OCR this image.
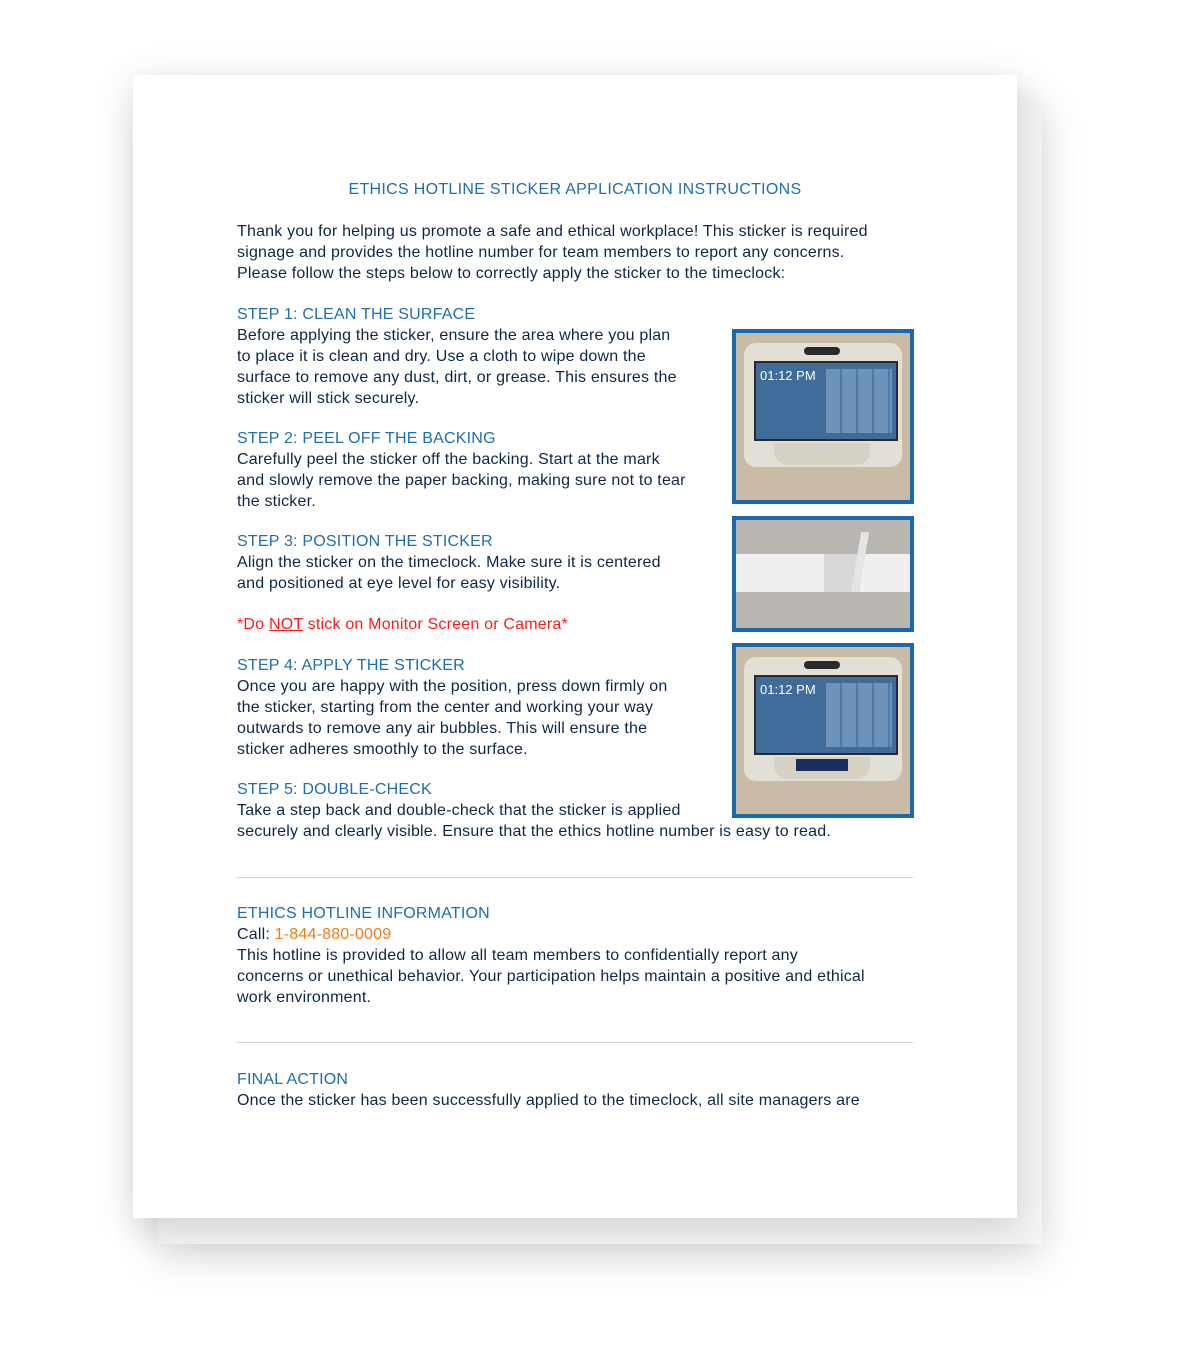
ETHICS HOTLINE STICKER APPLICATION INSTRUCTIONS
Thank you for helping us promote a safe and ethical workplace! This sticker is required
signage and provides the hotline number for team members to report any concerns.
Please follow the steps below to correctly apply the sticker to the timeclock:
STEP 1: CLEAN THE SURFACE
Before applying the sticker, ensure the area where you plan
to place it is clean and dry. Use a cloth to wipe down the
surface to remove any dust, dirt, or grease. This ensures the
sticker will stick securely.
STEP 2: PEEL OFF THE BACKING
Carefully peel the sticker off the backing. Start at the mark
and slowly remove the paper backing, making sure not to tear
the sticker.
STEP 3: POSITION THE STICKER
Align the sticker on the timeclock. Make sure it is centered
and positioned at eye level for easy visibility.
*Do NOT stick on Monitor Screen or Camera*
STEP 4: APPLY THE STICKER
Once you are happy with the position, press down firmly on
the sticker, starting from the center and working your way
outwards to remove any air bubbles. This will ensure the
sticker adheres smoothly to the surface.
STEP 5: DOUBLE-CHECK
Take a step back and double-check that the sticker is applied
securely and clearly visible. Ensure that the ethics hotline number is easy to read.
ETHICS HOTLINE INFORMATION
Call: 1-844-880-0009
This hotline is provided to allow all team members to confidentially report any
concerns or unethical behavior. Your participation helps maintain a positive and ethical
work environment.
FINAL ACTION
Once the sticker has been successfully applied to the timeclock, all site managers are
01:12 PM
01:12 PM
